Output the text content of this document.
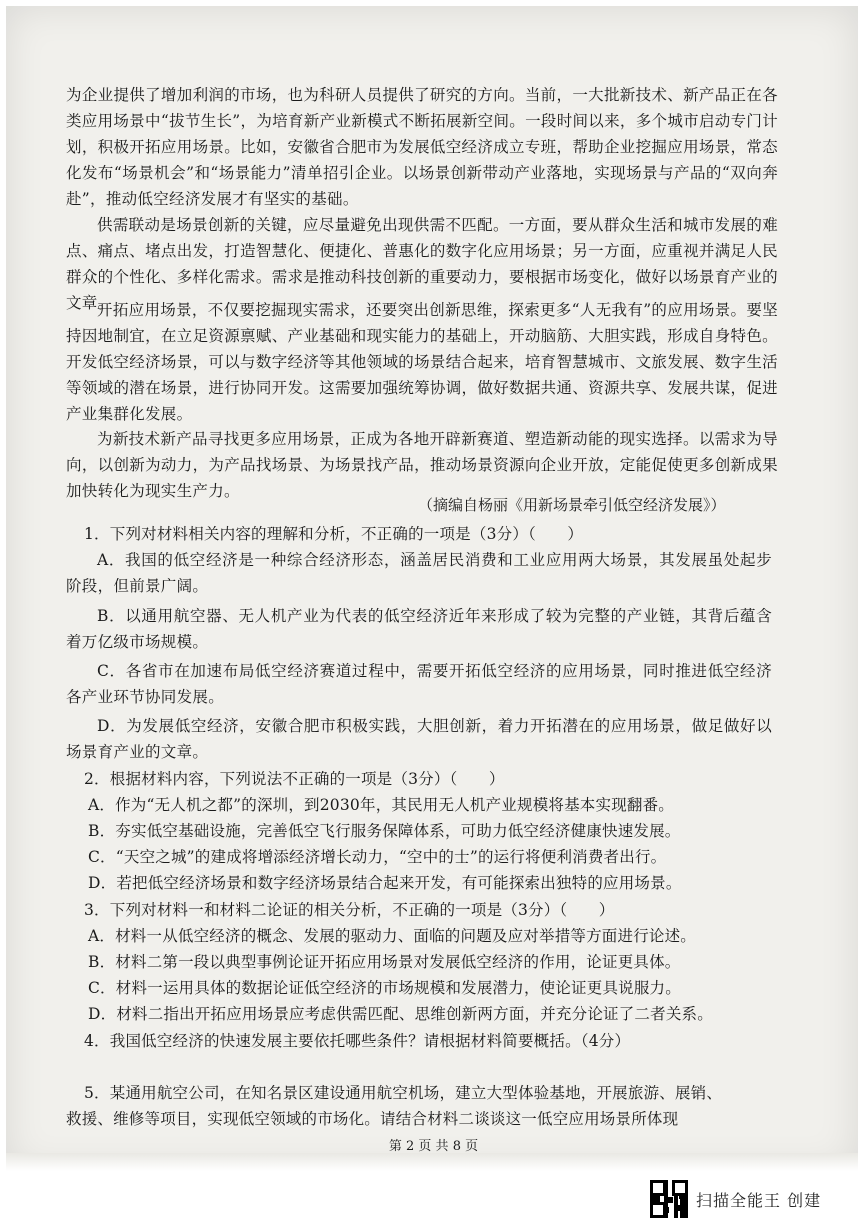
为企业提供了增加利润的市场，也为科研人员提供了研究的方向。当前，一大批新技术、新产品正在各类应用场景中“拔节生长”，为培育新产业新模式不断拓展新空间。一段时间以来，多个城市启动专门计划，积极开拓应用场景。比如，安徽省合肥市为发展低空经济成立专班，帮助企业挖掘应用场景，常态化发布“场景机会”和“场景能力”清单招引企业。以场景创新带动产业落地，实现场景与产品的“双向奔赴”，推动低空经济发展才有坚实的基础。
供需联动是场景创新的关键，应尽量避免出现供需不匹配。一方面，要从群众生活和城市发展的难点、痛点、堵点出发，打造智慧化、便捷化、普惠化的数字化应用场景；另一方面，应重视并满足人民群众的个性化、多样化需求。需求是推动科技创新的重要动力，要根据市场变化，做好以场景育产业的文章。
开拓应用场景，不仅要挖掘现实需求，还要突出创新思维，探索更多“人无我有”的应用场景。要坚持因地制宜，在立足资源禀赋、产业基础和现实能力的基础上，开动脑筋、大胆实践，形成自身特色。开发低空经济场景，可以与数字经济等其他领域的场景结合起来，培育智慧城市、文旅发展、数字生活等领域的潜在场景，进行协同开发。这需要加强统筹协调，做好数据共通、资源共享、发展共谋，促进产业集群化发展。
为新技术新产品寻找更多应用场景，正成为各地开辟新赛道、塑造新动能的现实选择。以需求为导向，以创新为动力，为产品找场景、为场景找产品，推动场景资源向企业开放，定能促使更多创新成果加快转化为现实生产力。
（摘编自杨丽《用新场景牵引低空经济发展》）
1．下列对材料相关内容的理解和分析，不正确的一项是（3分）（　　）
A．我国的低空经济是一种综合经济形态，涵盖居民消费和工业应用两大场景，其发展虽处起步阶段，但前景广阔。
B．以通用航空器、无人机产业为代表的低空经济近年来形成了较为完整的产业链，其背后蕴含着万亿级市场规模。
C．各省市在加速布局低空经济赛道过程中，需要开拓低空经济的应用场景，同时推进低空经济各产业环节协同发展。
D．为发展低空经济，安徽合肥市积极实践，大胆创新，着力开拓潜在的应用场景，做足做好以场景育产业的文章。
2．根据材料内容，下列说法不正确的一项是（3分）（　　）
A．作为“无人机之都”的深圳，到2030年，其民用无人机产业规模将基本实现翻番。
B．夯实低空基础设施，完善低空飞行服务保障体系，可助力低空经济健康快速发展。
C．“天空之城”的建成将增添经济增长动力，“空中的士”的运行将便利消费者出行。
D．若把低空经济场景和数字经济场景结合起来开发，有可能探索出独特的应用场景。
3．下列对材料一和材料二论证的相关分析，不正确的一项是（3分）（　　）
A．材料一从低空经济的概念、发展的驱动力、面临的问题及应对举措等方面进行论述。
B．材料二第一段以典型事例论证开拓应用场景对发展低空经济的作用，论证更具体。
C．材料一运用具体的数据论证低空经济的市场规模和发展潜力，使论证更具说服力。
D．材料二指出开拓应用场景应考虑供需匹配、思维创新两方面，并充分论证了二者关系。
4．我国低空经济的快速发展主要依托哪些条件？请根据材料简要概括。（4分）
5．某通用航空公司，在知名景区建设通用航空机场，建立大型体验基地，开展旅游、展销、
救援、维修等项目，实现低空领域的市场化。请结合材料二谈谈这一低空应用场景所体现
第 2 页 共 8 页
扫描全能王 创建
